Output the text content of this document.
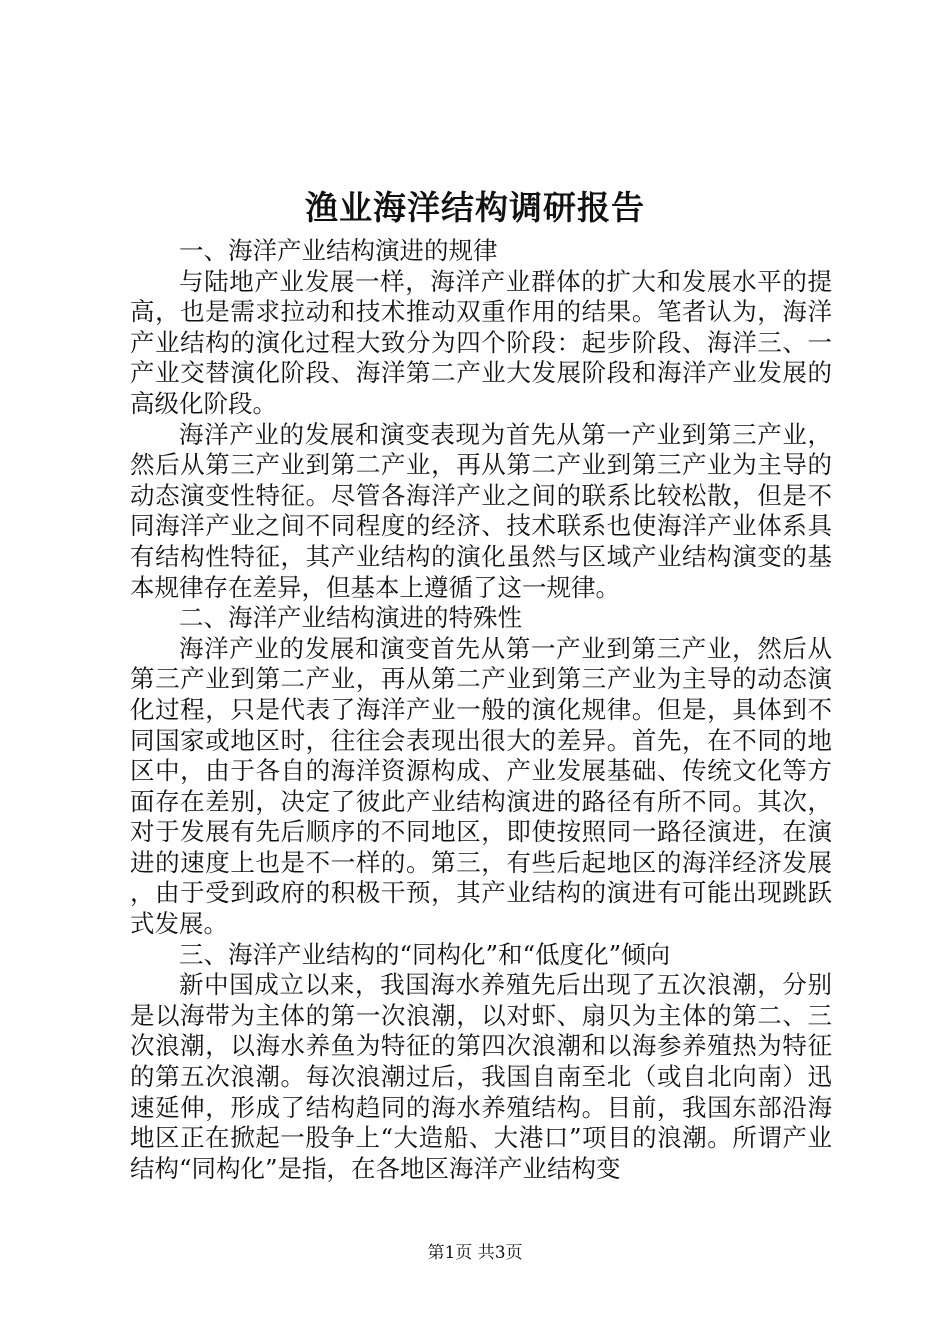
渔业海洋结构调研报告

一、海洋产业结构演进的规律

与陆地产业发展一样，海洋产业群体的扩大和发展水平的提高，也是需求拉动和技术推动双重作用的结果。笔者认为，海洋产业结构的演化过程大致分为四个阶段：起步阶段、海洋三、一产业交替演化阶段、海洋第二产业大发展阶段和海洋产业发展的高级化阶段。

海洋产业的发展和演变表现为首先从第一产业到第三产业，然后从第三产业到第二产业，再从第二产业到第三产业为主导的动态演变性特征。尽管各海洋产业之间的联系比较松散，但是不同海洋产业之间不同程度的经济、技术联系也使海洋产业体系具有结构性特征，其产业结构的演化虽然与区域产业结构演变的基本规律存在差异，但基本上遵循了这一规律。

二、海洋产业结构演进的特殊性

海洋产业的发展和演变首先从第一产业到第三产业，然后从第三产业到第二产业，再从第二产业到第三产业为主导的动态演化过程，只是代表了海洋产业一般的演化规律。但是，具体到不同国家或地区时，往往会表现出很大的差异。首先，在不同的地区中，由于各自的海洋资源构成、产业发展基础、传统文化等方面存在差别，决定了彼此产业结构演进的路径有所不同。其次，对于发展有先后顺序的不同地区，即使按照同一路径演进，在演进的速度上也是不一样的。第三，有些后起地区的海洋经济发展，由于受到政府的积极干预，其产业结构的演进有可能出现跳跃式发展。

三、海洋产业结构的“同构化”和“低度化”倾向

新中国成立以来，我国海水养殖先后出现了五次浪潮，分别是以海带为主体的第一次浪潮，以对虾、扇贝为主体的第二、三次浪潮，以海水养鱼为特征的第四次浪潮和以海参养殖热为特征的第五次浪潮。每次浪潮过后，我国自南至北（或自北向南）迅速延伸，形成了结构趋同的海水养殖结构。目前，我国东部沿海地区正在掀起一股争上“大造船、大港口”项目的浪潮。所谓产业结构“同构化”是指，在各地区海洋产业结构变

第1页 共3页
